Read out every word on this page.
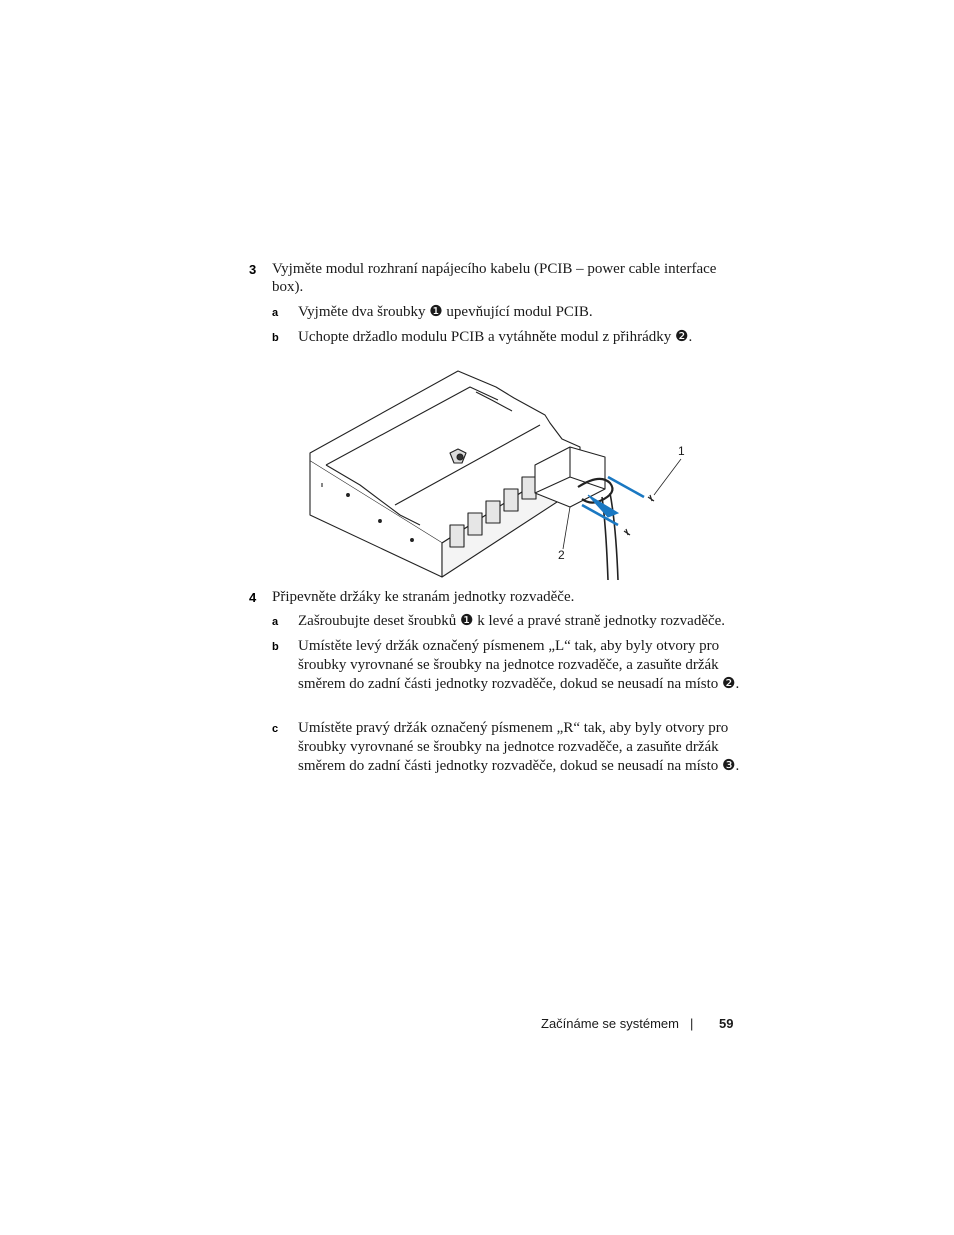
3 Vyjměte modul rozhraní napájecího kabelu (PCIB – power cable interface box).
a Vyjměte dva šroubky ❶ upevňující modul PCIB.
b Uchopte držadlo modulu PCIB a vytáhněte modul z přihrádky ❷.
1
2
4 Připevněte držáky ke stranám jednotky rozvaděče.
a Zašroubujte deset šroubků ❶ k levé a pravé straně jednotky rozvaděče.
b Umístěte levý držák označený písmenem „L“ tak, aby byly otvory pro šroubky vyrovnané se šroubky na jednotce rozvaděče, a zasuňte držák směrem do zadní části jednotky rozvaděče, dokud se neusadí na místo ❷.
c Umístěte pravý držák označený písmenem „R“ tak, aby byly otvory pro šroubky vyrovnané se šroubky na jednotce rozvaděče, a zasuňte držák směrem do zadní části jednotky rozvaděče, dokud se neusadí na místo ❸.
Začínáme se systémem | 59
